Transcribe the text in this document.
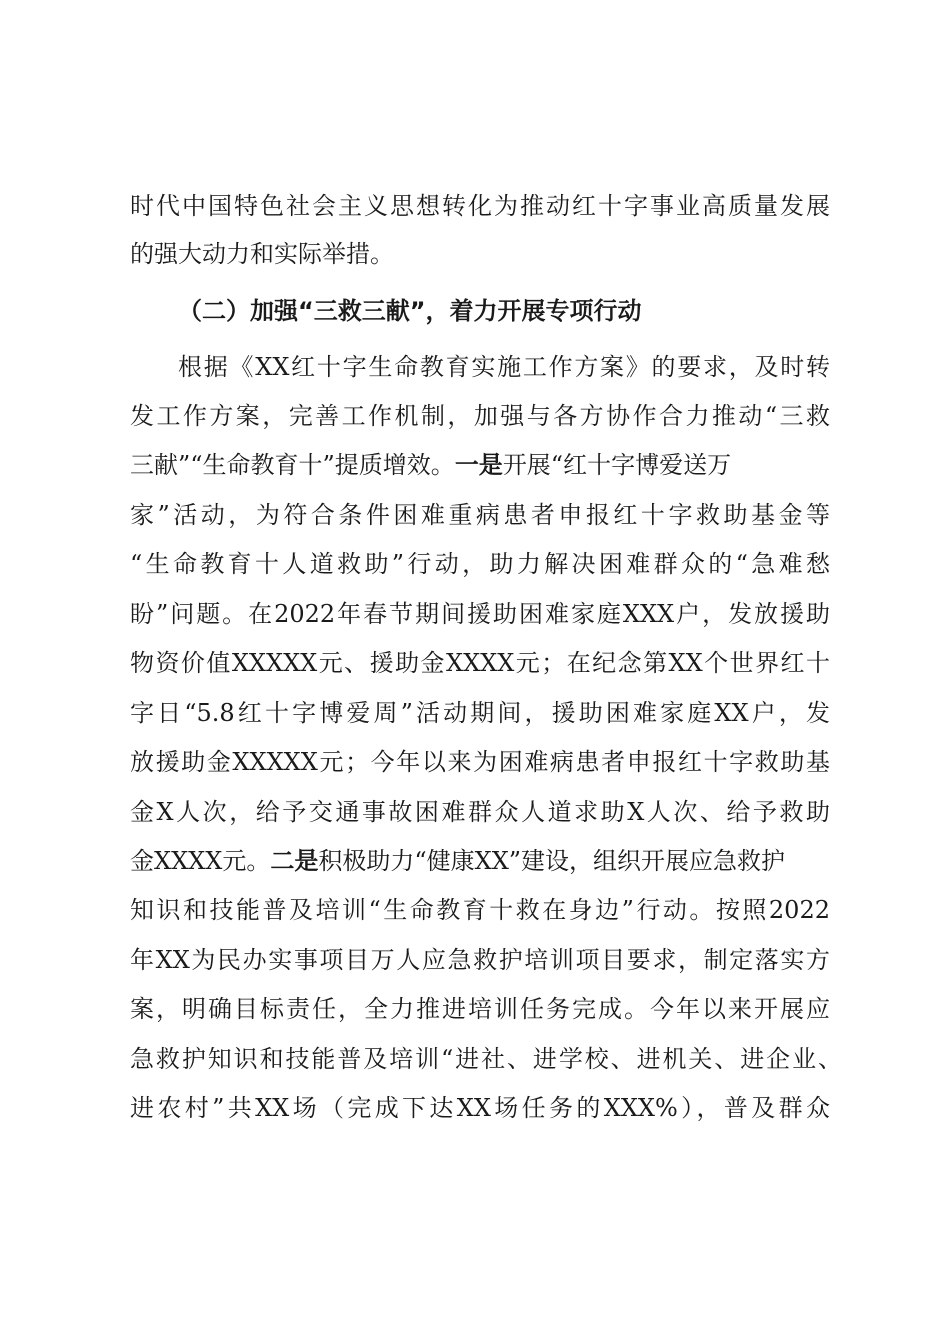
时代中国特色社会主义思想转化为推动红十字事业高质量发展
的强大动力和实际举措。
（二）加强“三救三献”，着力开展专项行动
根据《XX红十字生命教育实施工作方案》的要求，及时转
发工作方案，完善工作机制，加强与各方协作合力推动“三救
三献”“生命教育十”提质增效。一是开展“红十字博爱送万
家”活动，为符合条件困难重病患者申报红十字救助基金等
“生命教育十人道救助”行动，助力解决困难群众的“急难愁
盼”问题。在2022年春节期间援助困难家庭XXX户，发放援助
物资价值XXXXX元、援助金XXXX元；在纪念第XX个世界红十
字日“5.8红十字博爱周”活动期间，援助困难家庭XX户，发
放援助金XXXXX元；今年以来为困难病患者申报红十字救助基
金X人次，给予交通事故困难群众人道求助X人次、给予救助
金XXXX元。二是积极助力“健康XX”建设，组织开展应急救护
知识和技能普及培训“生命教育十救在身边”行动。按照2022
年XX为民办实事项目万人应急救护培训项目要求，制定落实方
案，明确目标责任，全力推进培训任务完成。今年以来开展应
急救护知识和技能普及培训“进社、进学校、进机关、进企业、
进农村”共XX场（完成下达XX场任务的XXX%），普及群众
